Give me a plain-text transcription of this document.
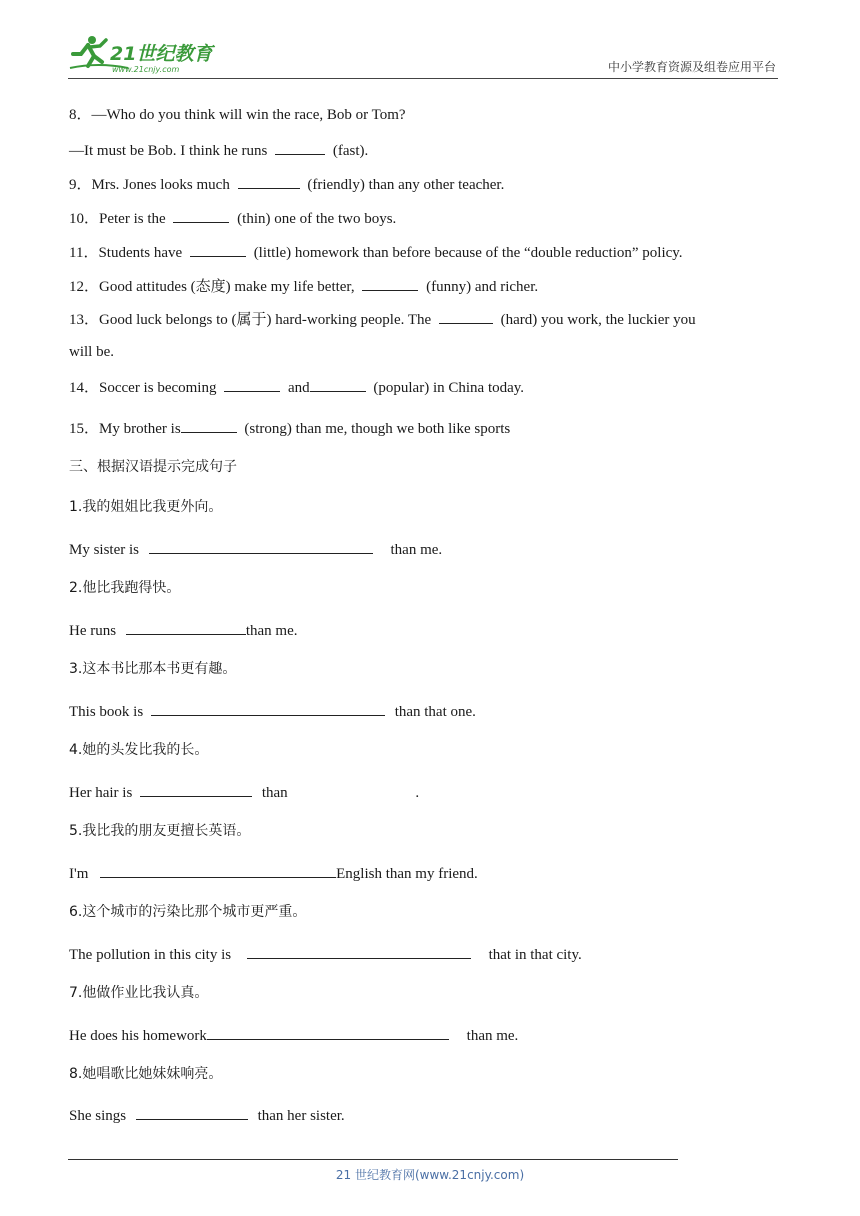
21世纪教育
www.21cnjy.com	中小学教育资源及组卷应用平台
8．—Who do you think will win the race, Bob or Tom?
—It must be Bob. I think he runs	(fast).
9．Mrs. Jones looks much	(friendly) than any other teacher.
10．Peter is the	(thin) one of the two boys.
11．Students have	(little) homework than before because of the “double reduction” policy.
12．Good attitudes (态度) make my life better,	(funny) and richer.
13．Good luck belongs to (属于) hard-working people. The	(hard) you work, the luckier you
will be.
14．Soccer is becoming	and	(popular) in China today.
15．My brother is	(strong) than me, though we both like sports
三、根据汉语提示完成句子
1.我的姐姐比我更外向。
My sister is	than me.
2.他比我跑得快。
He runs	than me.
3.这本书比那本书更有趣。
This book is	than that one.
4.她的头发比我的长。
Her hair is	than	.
5.我比我的朋友更擅长英语。
I'm	English than my friend.
6.这个城市的污染比那个城市更严重。
The pollution in this city is	that in that city.
7.他做作业比我认真。
He does his homework	than me.
8.她唱歌比她妹妹响亮。
She sings	than her sister.
21 世纪教育网(www.21cnjy.com)
